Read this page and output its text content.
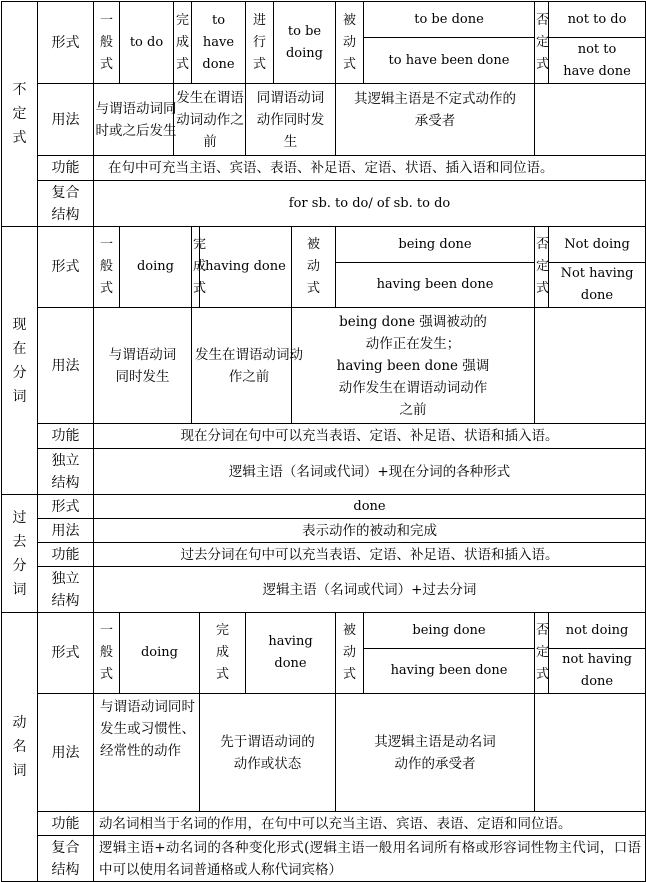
不定式	形式	一般式	to do	完成式	to have done		进行式	to be doing		被动式	to be done	否定式	not to do
											to have been done		not to have done
	用法	与谓语动词同时或之后发生		发生在谓语动词动作之前			同谓语动词动作同时发生			其逻辑主语是不定式动作的承受者			
	功能	在句中可充当主语、宾语、表语、补足语、定语、状语、插入语和同位语。											
	复合结构	for sb. to do/ of sb. to do											
现在分词	形式	一般式	doing		完成式	having done			被动式	being done		否定式	Not doing
										having been done			Not having done
	用法	与谓语动词同时发生			发生在谓语动词动作之前				being done 强调被动的动作正在发生； having been done 强调动作发生在谓语动词动作之前				
	功能	现在分词在句中可以充当表语、定语、补足语、状语和插入语。											
	独立结构	逻辑主语（名词或代词）+现在分词的各种形式											
过去分词	形式	done											
	用法	表示动作的被动和完成											
	功能	过去分词在句中可以充当表语、定语、补足语、状语和插入语。											
	独立结构	逻辑主语（名词或代词）+过去分词											
动名词	形式	一般式	doing			完成式	having done			被动式	being done	否定式	not doing
											having been done		not having done
	用法	与谓语动词同时发生或习惯性、经常性的动作				先于谓语动词的动作或状态				其逻辑主语是动名词动作的承受者			
	功能	动名词相当于名词的作用，在句中可以充当主语、宾语、表语、定语和同位语。											
	复合结构	逻辑主语+动名词的各种变化形式(逻辑主语一般用名词所有格或形容词性物主代词，口语中可以使用名词普通格或人称代词宾格）											
